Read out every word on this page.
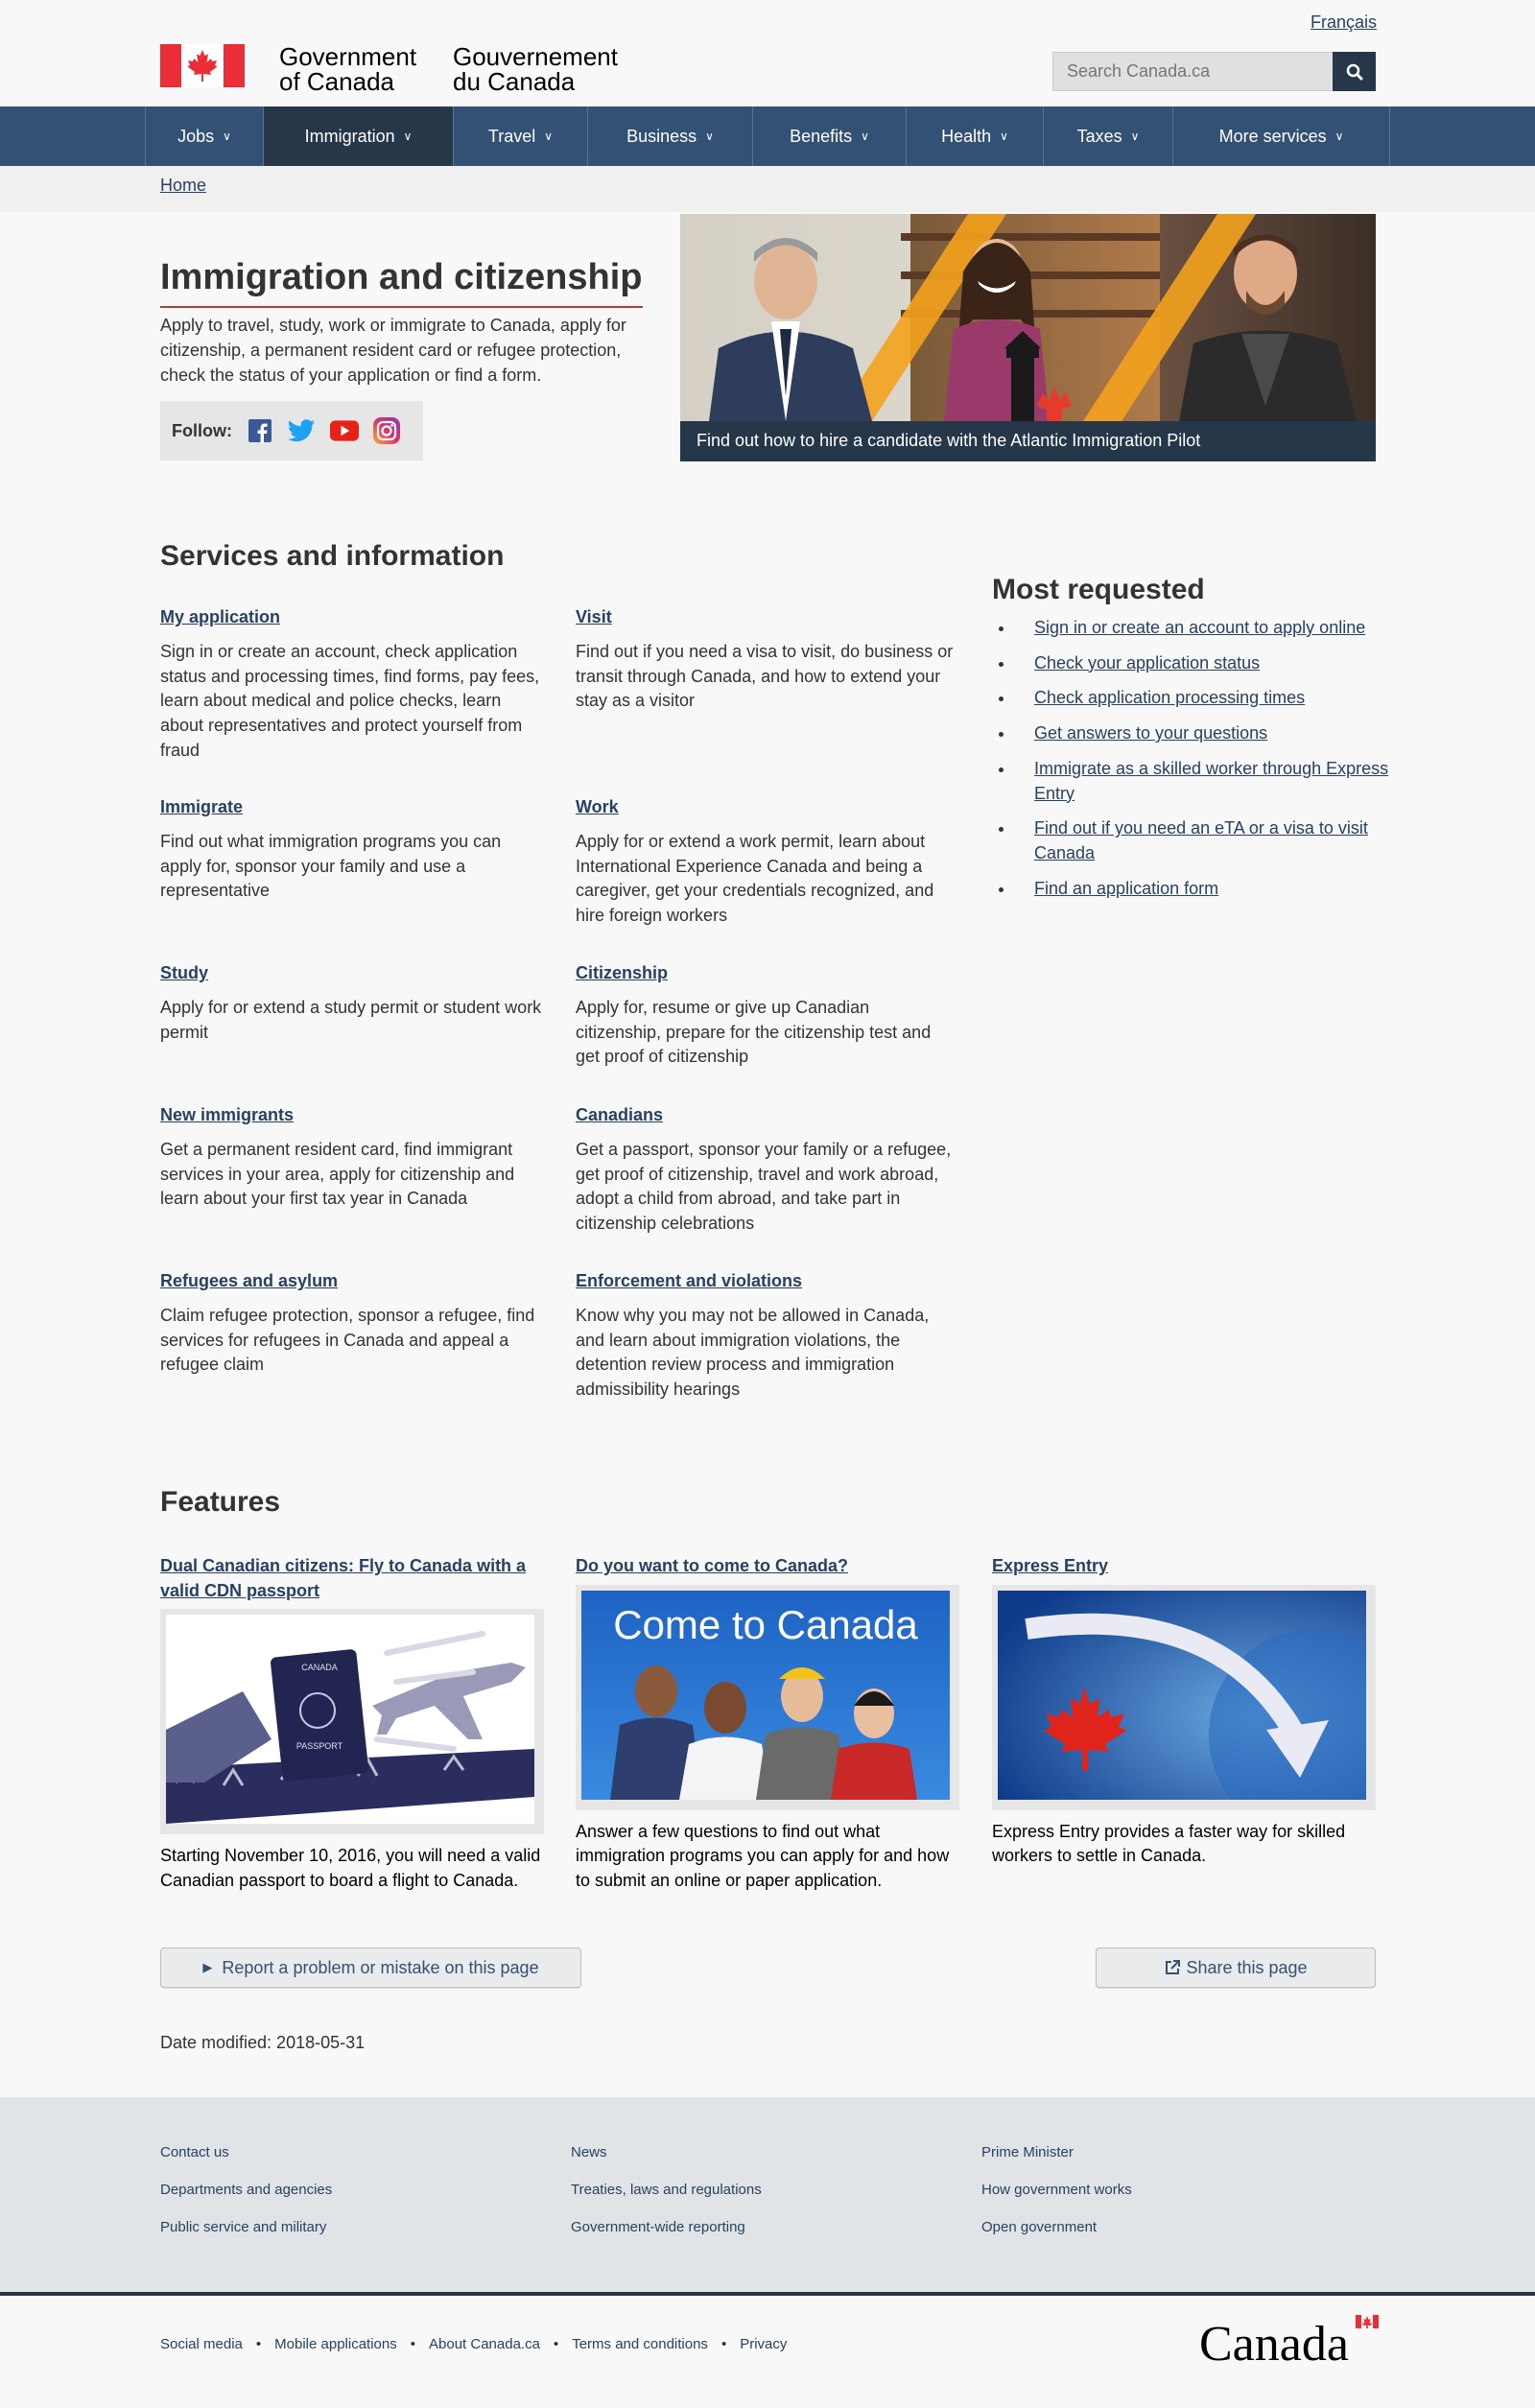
Français
Government
of Canada
Gouvernement
du Canada
Search Canada.ca
Jobs ∨	Immigration ∨	Travel ∨	Business ∨	Benefits ∨	Health ∨	Taxes ∨	More services ∨
Home
Immigration and citizenship

Apply to travel, study, work or immigrate to Canada, apply for citizenship, a permanent resident card or refugee protection, check the status of your application or find a form.

Follow:
Find out how to hire a candidate with the Atlantic Immigration Pilot
Services and information
My application

Sign in or create an account, check application status and processing times, find forms, pay fees, learn about medical and police checks, learn about representatives and protect yourself from fraud

Visit

Find out if you need a visa to visit, do business or transit through Canada, and how to extend your stay as a visitor

Immigrate

Find out what immigration programs you can apply for, sponsor your family and use a representative

Work

Apply for or extend a work permit, learn about International Experience Canada and being a caregiver, get your credentials recognized, and hire foreign workers

Study

Apply for or extend a study permit or student work permit

Citizenship

Apply for, resume or give up Canadian citizenship, prepare for the citizenship test and get proof of citizenship

New immigrants

Get a permanent resident card, find immigrant services in your area, apply for citizenship and learn about your first tax year in Canada

Canadians

Get a passport, sponsor your family or a refugee, get proof of citizenship, travel and work abroad, adopt a child from abroad, and take part in citizenship celebrations

Refugees and asylum

Claim refugee protection, sponsor a refugee, find services for refugees in Canada and appeal a refugee claim

Enforcement and violations

Know why you may not be allowed in Canada, and learn about immigration violations, the detention review process and immigration admissibility hearings

Most requested
• Sign in or create an account to apply online
• Check your application status
• Check application processing times
• Get answers to your questions
• Immigrate as a skilled worker through Express Entry
• Find out if you need an eTA or a visa to visit Canada
• Find an application form
Features
Dual Canadian citizens: Fly to Canada with a valid CDN passport
CANADA
PASSPORT

Starting November 10, 2016, you will need a valid Canadian passport to board a flight to Canada.

Do you want to come to Canada?
Come to Canada

Answer a few questions to find out what immigration programs you can apply for and how to submit an online or paper application.

Express Entry

Express Entry provides a faster way for skilled workers to settle in Canada.

▶ Report a problem or mistake on this page	Share this page
Date modified: 2018-05-31
Contact us
Departments and agencies
Public service and military
News
Treaties, laws and regulations
Government-wide reporting
Prime Minister
How government works
Open government
Social media • Mobile applications • About Canada.ca • Terms and conditions • Privacy	Canada
